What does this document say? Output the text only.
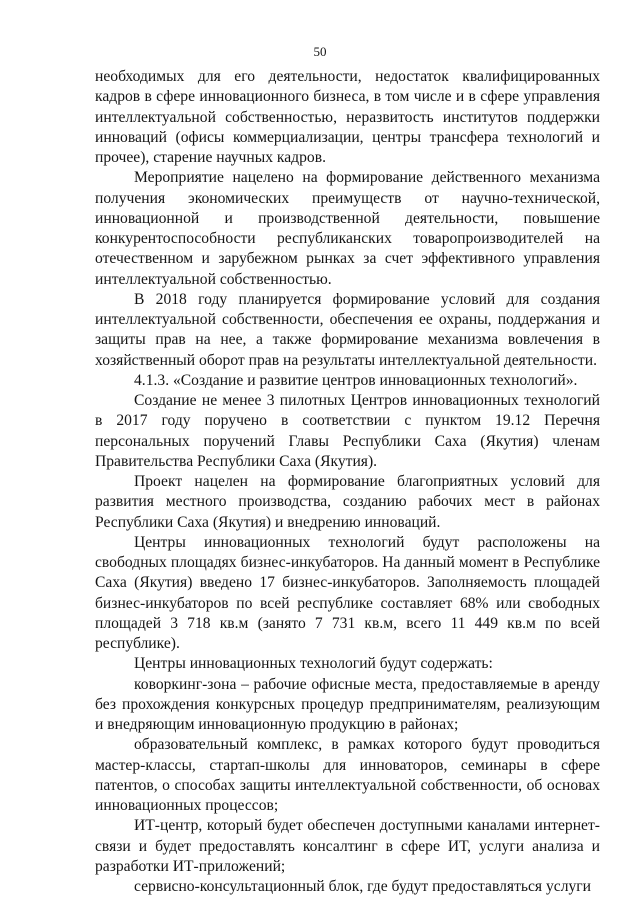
50

необходимых для его деятельности, недостаток квалифицированных кадров в сфере инновационного бизнеса, в том числе и в сфере управления интеллектуальной собственностью, неразвитость институтов поддержки инноваций (офисы коммерциализации, центры трансфера технологий и прочее), старение научных кадров.

Мероприятие нацелено на формирование действенного механизма получения экономических преимуществ от научно-технической, инновационной и производственной деятельности, повышение конкурентоспособности республиканских товаропроизводителей на отечественном и зарубежном рынках за счет эффективного управления интеллектуальной собственностью.

В 2018 году планируется формирование условий для создания интеллектуальной собственности, обеспечения ее охраны, поддержания и защиты прав на нее, а также формирование механизма вовлечения в хозяйственный оборот прав на результаты интеллектуальной деятельности.

4.1.3. «Создание и развитие центров инновационных технологий».

Создание не менее 3 пилотных Центров инновационных технологий в 2017 году поручено в соответствии с пунктом 19.12 Перечня персональных поручений Главы Республики Саха (Якутия) членам Правительства Республики Саха (Якутия).

Проект нацелен на формирование благоприятных условий для развития местного производства, созданию рабочих мест в районах Республики Саха (Якутия) и внедрению инноваций.

Центры инновационных технологий будут расположены на свободных площадях бизнес-инкубаторов. На данный момент в Республике Саха (Якутия) введено 17 бизнес-инкубаторов. Заполняемость площадей бизнес-инкубаторов по всей республике составляет 68% или свободных площадей 3 718 кв.м (занято 7 731 кв.м, всего 11 449 кв.м по всей республике).

Центры инновационных технологий будут содержать:

коворкинг-зона – рабочие офисные места, предоставляемые в аренду без прохождения конкурсных процедур предпринимателям, реализующим и внедряющим инновационную продукцию в районах;

образовательный комплекс, в рамках которого будут проводиться мастер-классы, стартап-школы для инноваторов, семинары в сфере патентов, о способах защиты интеллектуальной собственности, об основах инновационных процессов;

ИТ-центр, который будет обеспечен доступными каналами интернет-связи и будет предоставлять консалтинг в сфере ИТ, услуги анализа и разработки ИТ-приложений;

сервисно-консультационный блок, где будут предоставляться услуги
